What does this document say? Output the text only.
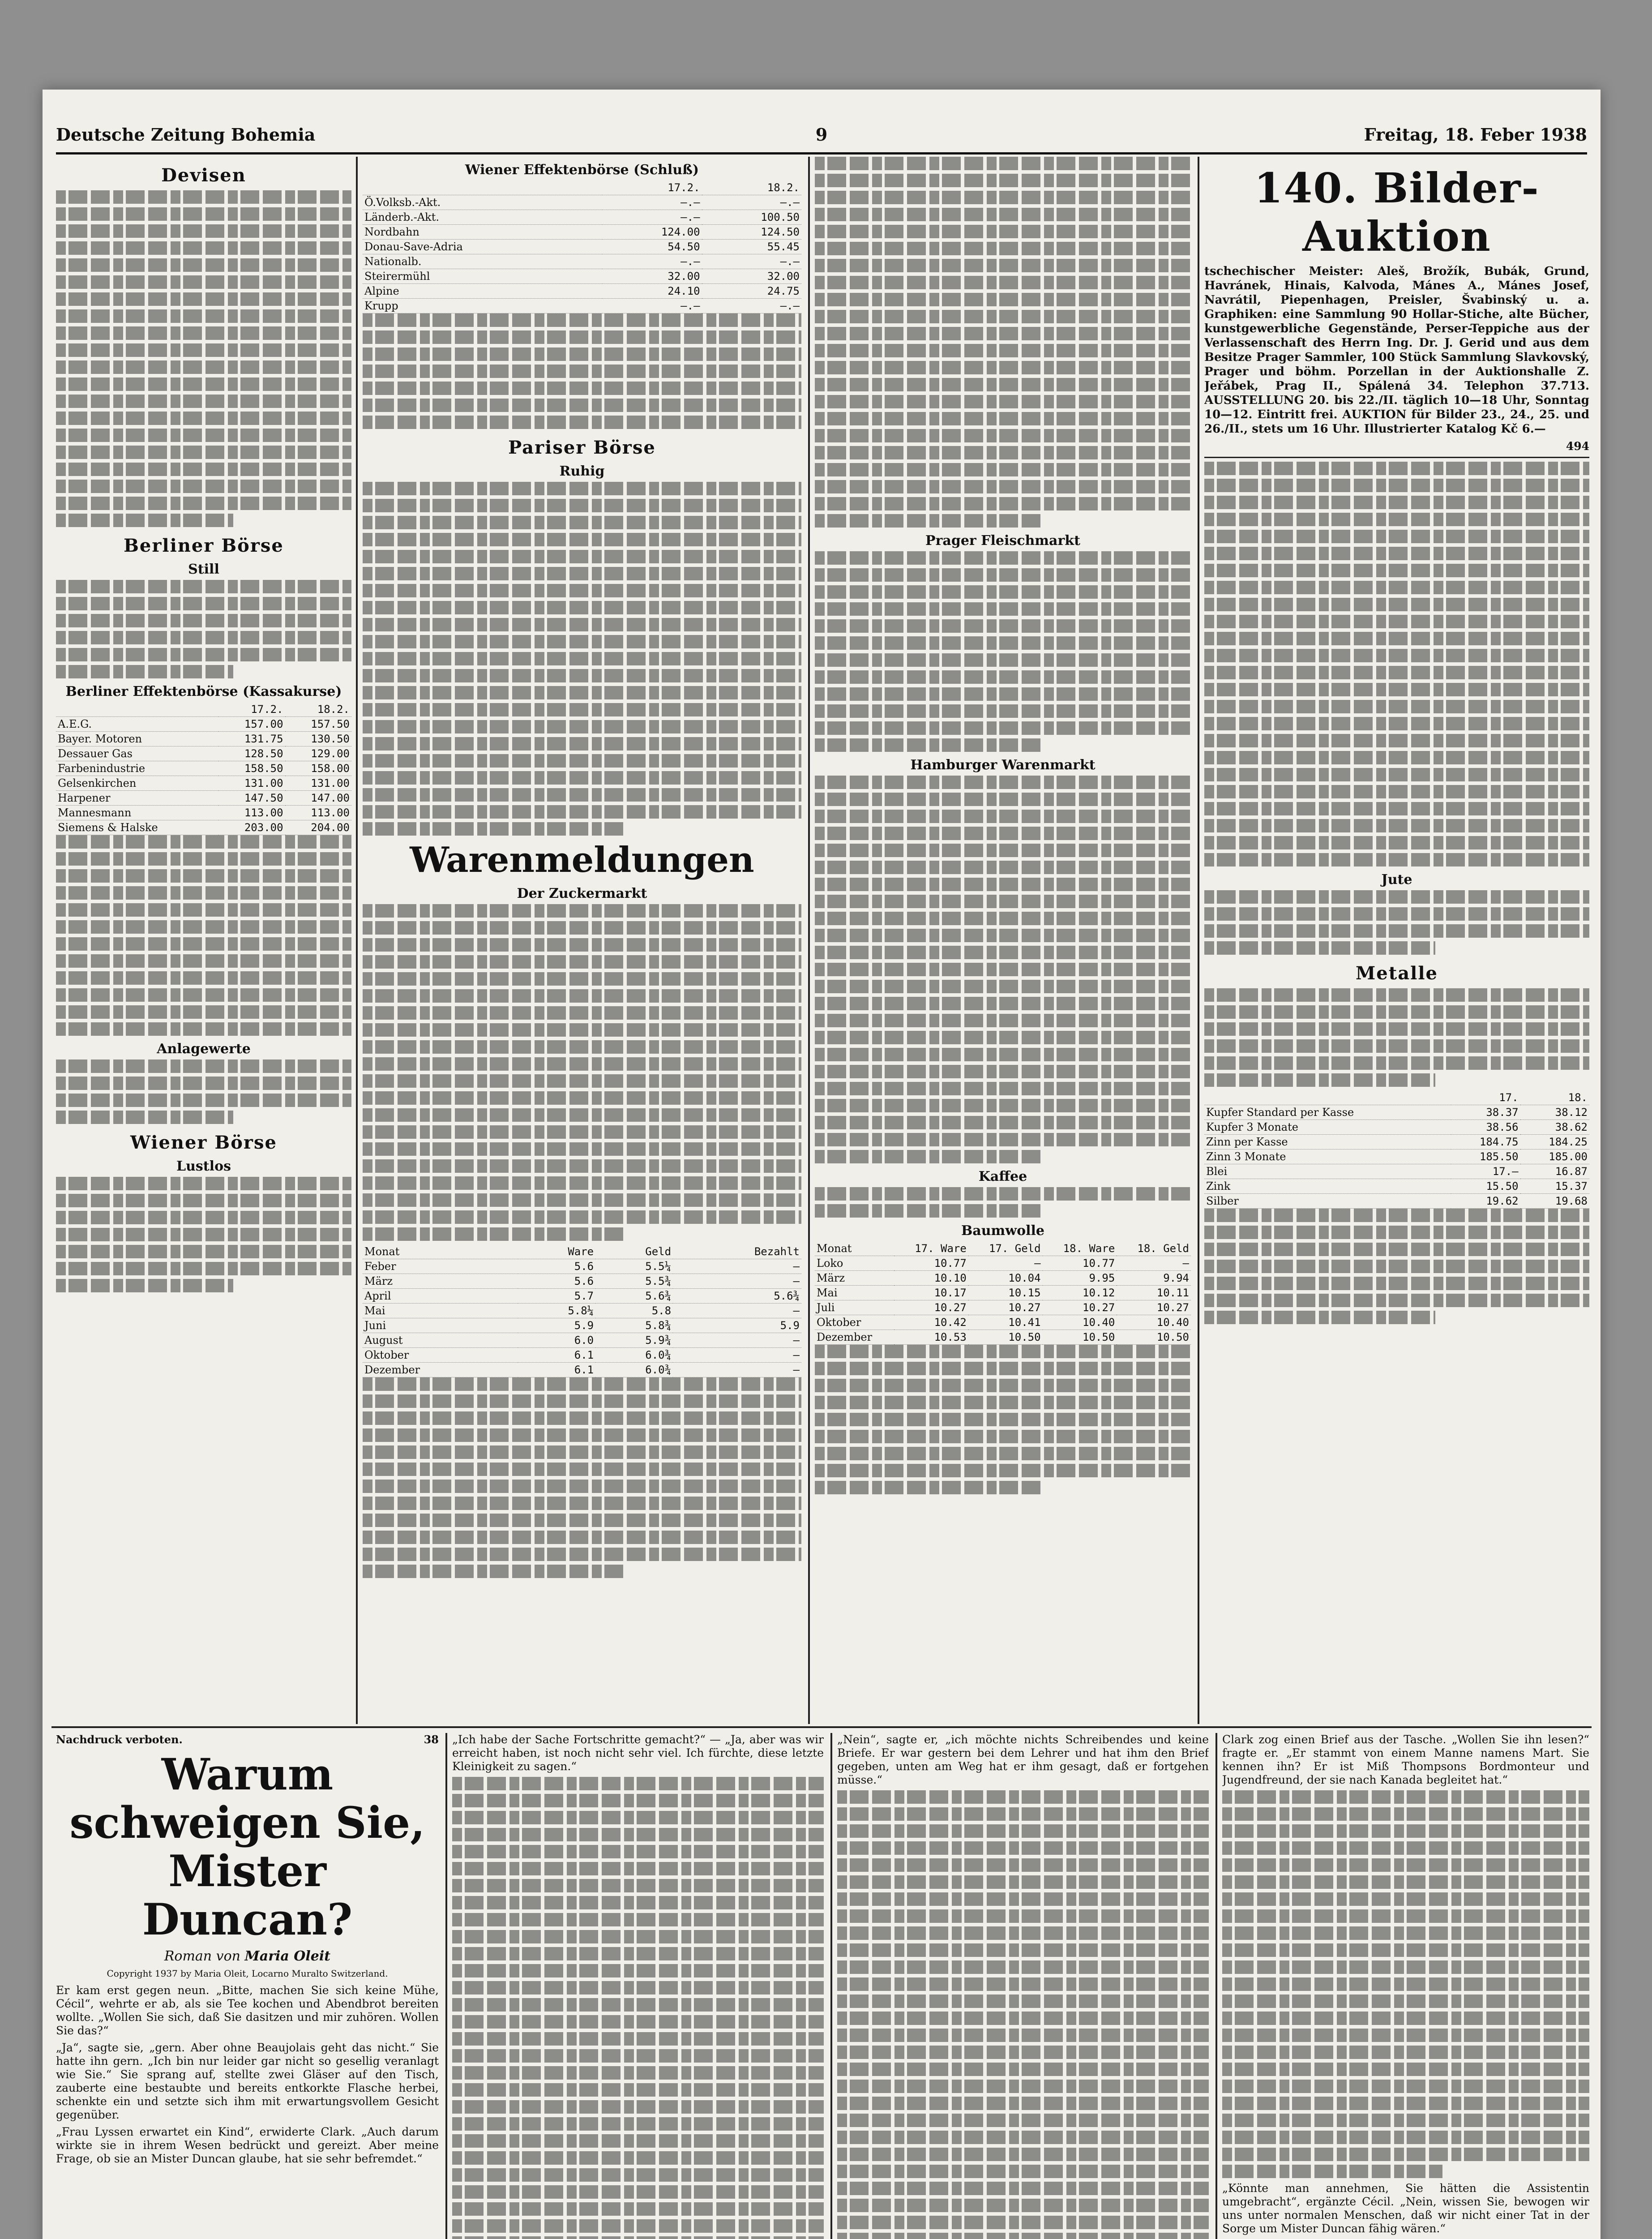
Deutsche Zeitung Bohemia	9	Freitag, 18. Feber 1938
Devisen
Berliner Börse
Still
Berliner Effektenbörse (Kassakurse)
	17.2.	18.2.
A.E.G.	157.00	157.50
Bayer. Motoren	131.75	130.50
Dessauer Gas	128.50	129.00
Farbenindustrie	158.50	158.00
Gelsenkirchen	131.00	131.00
Harpener	147.50	147.00
Mannesmann	113.00	113.00
Siemens & Halske	203.00	204.00
Anlagewerte
Wiener Börse
Lustlos
Wiener Effektenbörse (Schluß)
	17.2.	18.2.
Ö.Volksb.-Akt.	—.—	—.—
Länderb.-Akt.	—.—	100.50
Nordbahn	124.00	124.50
Donau-Save-Adria	54.50	55.45
Nationalb.	—.—	—.—
Steirermühl	32.00	32.00
Alpine	24.10	24.75
Krupp	—.—	—.—
Pariser Börse
Ruhig
Warenmeldungen
Der Zuckermarkt
Monat	Ware	Geld	Bezahlt
Feber	5.6	5.5¼	—
März	5.6	5.5¾	—
April	5.7	5.6¾	5.6¾
Mai	5.8¼	5.8	—
Juni	5.9	5.8¾	5.9
August	6.0	5.9¾	—
Oktober	6.1	6.0¾	—
Dezember	6.1	6.0¾	—
Prager Fleischmarkt
Hamburger Warenmarkt
Kaffee
Baumwolle
Monat	17. Ware	17. Geld	18. Ware	18. Geld
Loko	10.77	—	10.77	—
März	10.10	10.04	9.95	9.94
Mai	10.17	10.15	10.12	10.11
Juli	10.27	10.27	10.27	10.27
Oktober	10.42	10.41	10.40	10.40
Dezember	10.53	10.50	10.50	10.50
140. Bilder-Auktion

tschechischer Meister: Aleš, Brožík, Bubák, Grund, Havránek, Hinais, Kalvoda, Mánes A., Mánes Josef, Navrátil, Piepenhagen, Preisler, Švabinský u. a. Graphiken: eine Sammlung 90 Hollar-Stiche, alte Bücher, kunstgewerbliche Gegenstände, Perser-Teppiche aus der Verlassenschaft des Herrn Ing. Dr. J. Gerid und aus dem Besitze Prager Sammler, 100 Stück Sammlung Slavkovský, Prager und böhm. Porzellan in der Auktionshalle Z. Jeřábek, Prag II., Spálená 34. Telephon 37.713. AUSSTELLUNG 20. bis 22./II. täglich 10—18 Uhr, Sonntag 10—12. Eintritt frei. AUKTION für Bilder 23., 24., 25. und 26./II., stets um 16 Uhr. Illustrierter Katalog Kč 6.—

494

Jute
Metalle
	17.	18.
Kupfer Standard per Kasse	38.37	38.12
Kupfer 3 Monate	38.56	38.62
Zinn per Kasse	184.75	184.25
Zinn 3 Monate	185.50	185.00
Blei	17.—	16.87
Zink	15.50	15.37
Silber	19.62	19.68
Nachdruck verboten.	38
Warum schweigen Sie, Mister Duncan?
Roman von Maria Oleit

Copyright 1937 by Maria Oleit, Locarno Muralto Switzerland.

Er kam erst gegen neun. „Bitte, machen Sie sich keine Mühe, Cécil“, wehrte er ab, als sie Tee kochen und Abendbrot bereiten wollte. „Wollen Sie sich, daß Sie dasitzen und mir zuhören. Wollen Sie das?“

„Ja“, sagte sie, „gern. Aber ohne Beaujolais geht das nicht.“ Sie hatte ihn gern. „Ich bin nur leider gar nicht so gesellig veranlagt wie Sie.“ Sie sprang auf, stellte zwei Gläser auf den Tisch, zauberte eine bestaubte und bereits entkorkte Flasche herbei, schenkte ein und setzte sich ihm mit erwartungsvollem Gesicht gegenüber.

„Frau Lyssen erwartet ein Kind“, erwiderte Clark. „Auch darum wirkte sie in ihrem Wesen bedrückt und gereizt. Aber meine Frage, ob sie an Mister Duncan glaube, hat sie sehr befremdet.“

„Ich habe der Sache Fortschritte gemacht?“ — „Ja, aber was wir erreicht haben, ist noch nicht sehr viel. Ich fürchte, diese letzte Kleinigkeit zu sagen.“

„Nein“, sagte er, „ich möchte nichts Schreibendes und keine Briefe. Er war gestern bei dem Lehrer und hat ihm den Brief gegeben, unten am Weg hat er ihm gesagt, daß er fortgehen müsse.“

Clark zog einen Brief aus der Tasche. „Wollen Sie ihn lesen?“ fragte er. „Er stammt von einem Manne namens Mart. Sie kennen ihn? Er ist Miß Thompsons Bordmonteur und Jugendfreund, der sie nach Kanada begleitet hat.“

„Könnte man annehmen, Sie hätten die Assistentin umgebracht“, ergänzte Cécil. „Nein, wissen Sie, bewogen wir uns unter normalen Menschen, daß wir nicht einer Tat in der Sorge um Mister Duncan fähig wären.“
